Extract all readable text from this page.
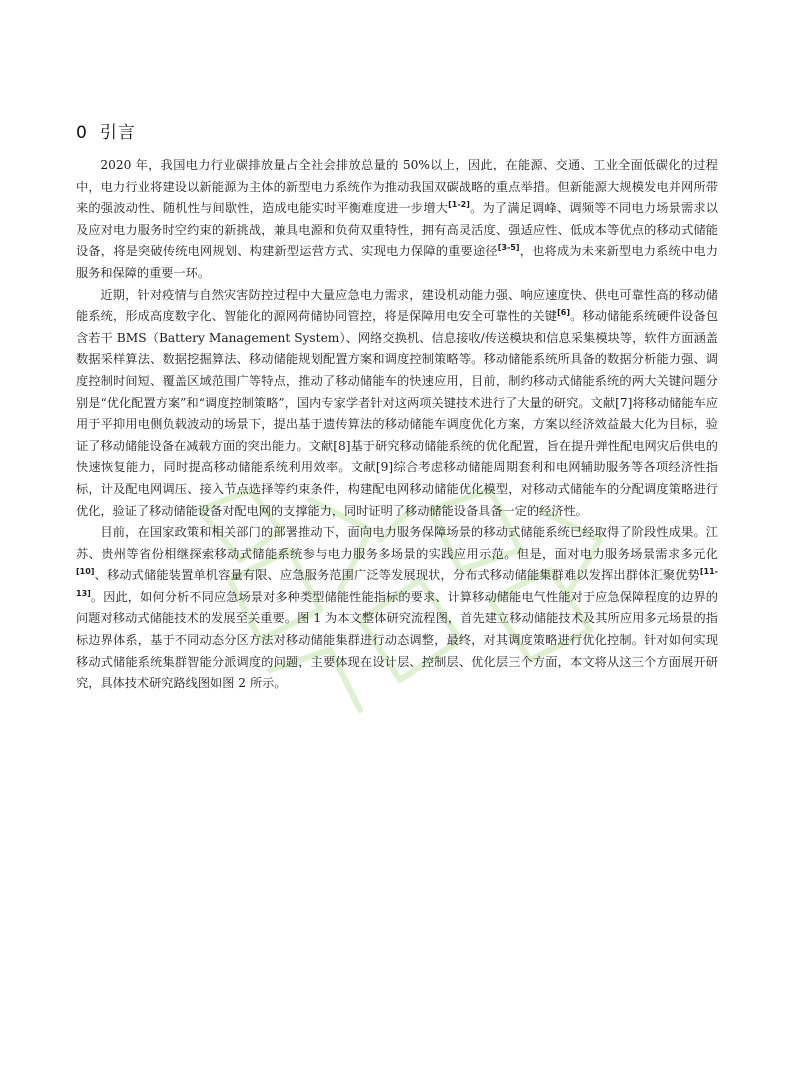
0 引言

2020 年，我国电力行业碳排放量占全社会排放总量的 50%以上，因此，在能源、交通、工业全面低碳化的过程中，电力行业将建设以新能源为主体的新型电力系统作为推动我国双碳战略的重点举措。但新能源大规模发电并网所带来的强波动性、随机性与间歇性，造成电能实时平衡难度进一步增大[1-2]。为了满足调峰、调频等不同电力场景需求以及应对电力服务时空约束的新挑战，兼具电源和负荷双重特性，拥有高灵活度、强适应性、低成本等优点的移动式储能设备，将是突破传统电网规划、构建新型运营方式、实现电力保障的重要途径[3-5]，也将成为未来新型电力系统中电力服务和保障的重要一环。

近期，针对疫情与自然灾害防控过程中大量应急电力需求，建设机动能力强、响应速度快、供电可靠性高的移动储能系统，形成高度数字化、智能化的源网荷储协同管控，将是保障用电安全可靠性的关键[6]。移动储能系统硬件设备包含若干 BMS（Battery Management System）、网络交换机、信息接收/传送模块和信息采集模块等，软件方面涵盖数据采样算法、数据挖掘算法、移动储能规划配置方案和调度控制策略等。移动储能系统所具备的数据分析能力强、调度控制时间短、覆盖区域范围广等特点，推动了移动储能车的快速应用，目前，制约移动式储能系统的两大关键问题分别是“优化配置方案”和“调度控制策略”，国内专家学者针对这两项关键技术进行了大量的研究。文献[7]将移动储能车应用于平抑用电侧负载波动的场景下，提出基于遗传算法的移动储能车调度优化方案，方案以经济效益最大化为目标，验证了移动储能设备在减载方面的突出能力。文献[8]基于研究移动储能系统的优化配置，旨在提升弹性配电网灾后供电的快速恢复能力，同时提高移动储能系统利用效率。文献[9]综合考虑移动储能周期套利和电网辅助服务等各项经济性指标，计及配电网调压、接入节点选择等约束条件，构建配电网移动储能优化模型，对移动式储能车的分配调度策略进行优化，验证了移动储能设备对配电网的支撑能力，同时证明了移动储能设备具备一定的经济性。

目前，在国家政策和相关部门的部署推动下，面向电力服务保障场景的移动式储能系统已经取得了阶段性成果。江苏、贵州等省份相继探索移动式储能系统参与电力服务多场景的实践应用示范。但是，面对电力服务场景需求多元化[10]、移动式储能装置单机容量有限、应急服务范围广泛等发展现状，分布式移动储能集群难以发挥出群体汇聚优势[11-13]。因此，如何分析不同应急场景对多种类型储能性能指标的要求、计算移动储能电气性能对于应急保障程度的边界的问题对移动式储能技术的发展至关重要。图 1 为本文整体研究流程图，首先建立移动储能技术及其所应用多元场景的指标边界体系，基于不同动态分区方法对移动储能集群进行动态调整，最终，对其调度策略进行优化控制。针对如何实现移动式储能系统集群智能分派调度的问题，主要体现在设计层、控制层、优化层三个方面，本文将从这三个方面展开研究，具体技术研究路线图如图 2 所示。
